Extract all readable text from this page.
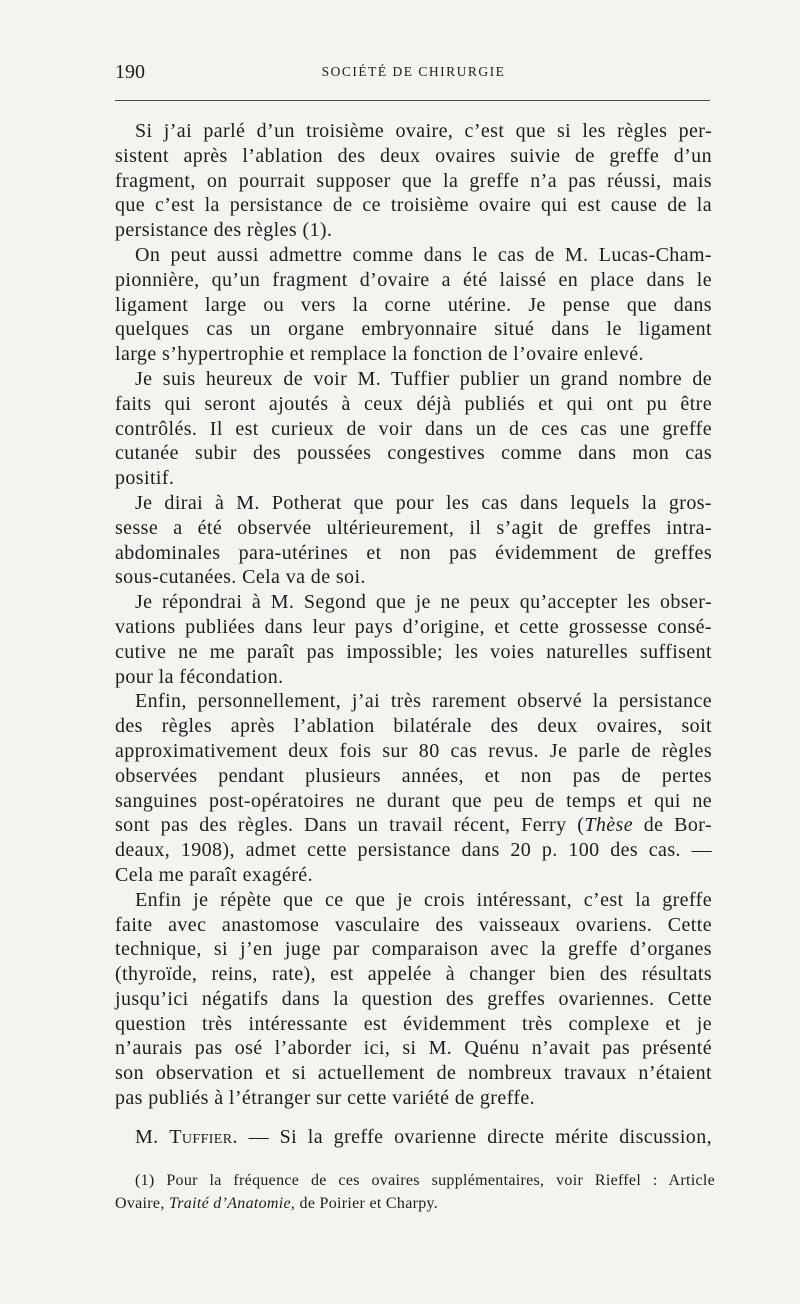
190	SOCIÉTÉ DE CHIRURGIE
Si j’ai parlé d’un troisième ovaire, c’est que si les règles per-
sistent après l’ablation des deux ovaires suivie de greffe d’un
fragment, on pourrait supposer que la greffe n’a pas réussi, mais
que c’est la persistance de ce troisième ovaire qui est cause de la
persistance des règles (1).
On peut aussi admettre comme dans le cas de M. Lucas-Cham-
pionnière, qu’un fragment d’ovaire a été laissé en place dans le
ligament large ou vers la corne utérine. Je pense que dans
quelques cas un organe embryonnaire situé dans le ligament
large s’hypertrophie et remplace la fonction de l’ovaire enlevé.
Je suis heureux de voir M. Tuffier publier un grand nombre de
faits qui seront ajoutés à ceux déjà publiés et qui ont pu être
contrôlés. Il est curieux de voir dans un de ces cas une greffe
cutanée subir des poussées congestives comme dans mon cas
positif.
Je dirai à M. Potherat que pour les cas dans lequels la gros-
sesse a été observée ultérieurement, il s’agit de greffes intra-
abdominales para-utérines et non pas évidemment de greffes
sous-cutanées. Cela va de soi.
Je répondrai à M. Segond que je ne peux qu’accepter les obser-
vations publiées dans leur pays d’origine, et cette grossesse consé-
cutive ne me paraît pas impossible; les voies naturelles suffisent
pour la fécondation.
Enfin, personnellement, j’ai très rarement observé la persistance
des règles après l’ablation bilatérale des deux ovaires, soit
approximativement deux fois sur 80 cas revus. Je parle de règles
observées pendant plusieurs années, et non pas de pertes
sanguines post-opératoires ne durant que peu de temps et qui ne
sont pas des règles. Dans un travail récent, Ferry (Thèse de Bor-
deaux, 1908), admet cette persistance dans 20 p. 100 des cas. —
Cela me paraît exagéré.
Enfin je répète que ce que je crois intéressant, c’est la greffe
faite avec anastomose vasculaire des vaisseaux ovariens. Cette
technique, si j’en juge par comparaison avec la greffe d’organes
(thyroïde, reins, rate), est appelée à changer bien des résultats
jusqu’ici négatifs dans la question des greffes ovariennes. Cette
question très intéressante est évidemment très complexe et je
n’aurais pas osé l’aborder ici, si M. Quénu n’avait pas présenté
son observation et si actuellement de nombreux travaux n’étaient
pas publiés à l’étranger sur cette variété de greffe.
M. Tuffier. — Si la greffe ovarienne directe mérite discussion,
(1) Pour la fréquence de ces ovaires supplémentaires, voir Rieffel : Article
Ovaire, Traité d’Anatomie, de Poirier et Charpy.
